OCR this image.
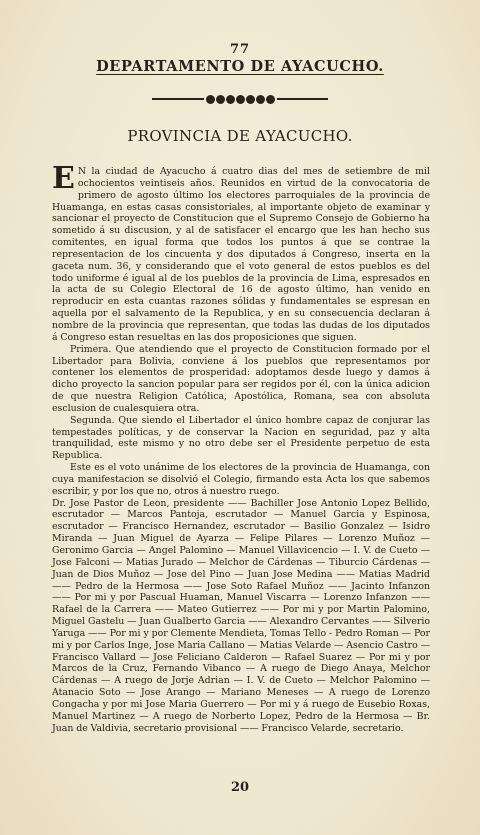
77
DEPARTAMENTO DE AYACUCHO.
PROVINCIA DE AYACUCHO.

E N la ciudad de Ayacucho á cuatro dias del mes de setiembre de mil ochocientos veintiseis años. Reunidos en virtud de la convocatoria de primero de agosto último los electores parroquiales de la provincia de Huamanga, en estas casas consistoriales, al importante objeto de examinar y sancionar el proyecto de Constitucion que el Supremo Consejo de Gobierno ha sometido á su discusion, y al de satisfacer el encargo que les han hecho sus comitentes, en igual forma que todos los puntos á que se contrae la representacion de los cincuenta y dos diputados á Congreso, inserta en la gaceta num. 36, y considerando que el voto general de estos pueblos es del todo uniforme é igual al de los pueblos de la provincia de Lima, espresados en la acta de su Colegio Electoral de 16 de agosto último, han venido en reproducir en esta cuantas razones sólidas y fundamentales se espresan en aquella por el salvamento de la Republica, y en su consecuencia declaran á nombre de la provincia que representan, que todas las dudas de los diputados á Congreso estan resueltas en las dos proposiciones que siguen.

Primera. Que atendiendo que el proyecto de Constitucion formado por el Libertador para Bolivia, conviene á los pueblos que representamos por contener los elementos de prosperidad: adoptamos desde luego y damos á dicho proyecto la sancion popular para ser regidos por él, con la única adicion de que nuestra Religion Católica, Apostólica, Romana, sea con absoluta esclusion de cualesquiera otra.

Segunda. Que siendo el Libertador el único hombre capaz de conjurar las tempestades políticas, y de conservar la Nacion en seguridad, paz y alta tranquilidad, este mismo y no otro debe ser el Presidente perpetuo de esta Republica.

Este es el voto unánime de los electores de la provincia de Huamanga, con cuya manifestacion se disolvió el Colegio, firmando esta Acta los que sabemos escribir, y por los que no, otros á nuestro ruego.

Dr. Jose Pastor de Leon, presidente —— Bachiller Jose Antonio Lopez Bellido, escrutador — Marcos Pantoja, escrutador — Manuel Garcia y Espinosa, escrutador — Francisco Hernandez, escrutador — Basilio Gonzalez — Isidro Miranda — Juan Miguel de Ayarza — Felipe Pilares — Lorenzo Muñoz — Geronimo Garcia — Angel Palomino — Manuel Villavicencio — I. V. de Cueto — Jose Falconi — Matias Jurado — Melchor de Cárdenas — Tiburcio Cárdenas — Juan de Dios Muñoz — Jose del Pino — Juan Jose Medina —— Matias Madrid —— Pedro de la Hermosa —— Jose Soto Rafael Muñoz —— Jacinto Infanzon —— Por mi y por Pascual Huaman, Manuel Viscarra — Lorenzo Infanzon —— Rafael de la Carrera —— Mateo Gutierrez —— Por mi y por Martin Palomino, Miguel Gastelu — Juan Gualberto Garcia —— Alexandro Cervantes —— Silverio Yaruga —— Por mi y por Clemente Mendieta, Tomas Tello - Pedro Roman — Por mi y por Carlos Inge, Jose Maria Callano — Matias Velarde — Asencio Castro — Francisco Vallard — Jose Feliciano Calderon — Rafael Suarez — Por mi y por Marcos de la Cruz, Fernando Vibanco — A ruego de Diego Anaya, Melchor Cárdenas — A ruego de Jorje Adrian — I. V. de Cueto — Melchor Palomino — Atanacio Soto — Jose Arango — Mariano Meneses — A ruego de Lorenzo Congacha y por mi Jose Maria Guerrero — Por mi y á ruego de Eusebio Roxas, Manuel Martinez — A ruego de Norberto Lopez, Pedro de la Hermosa — Br. Juan de Valdivia, secretario provisional —— Francisco Velarde, secretario.

20
